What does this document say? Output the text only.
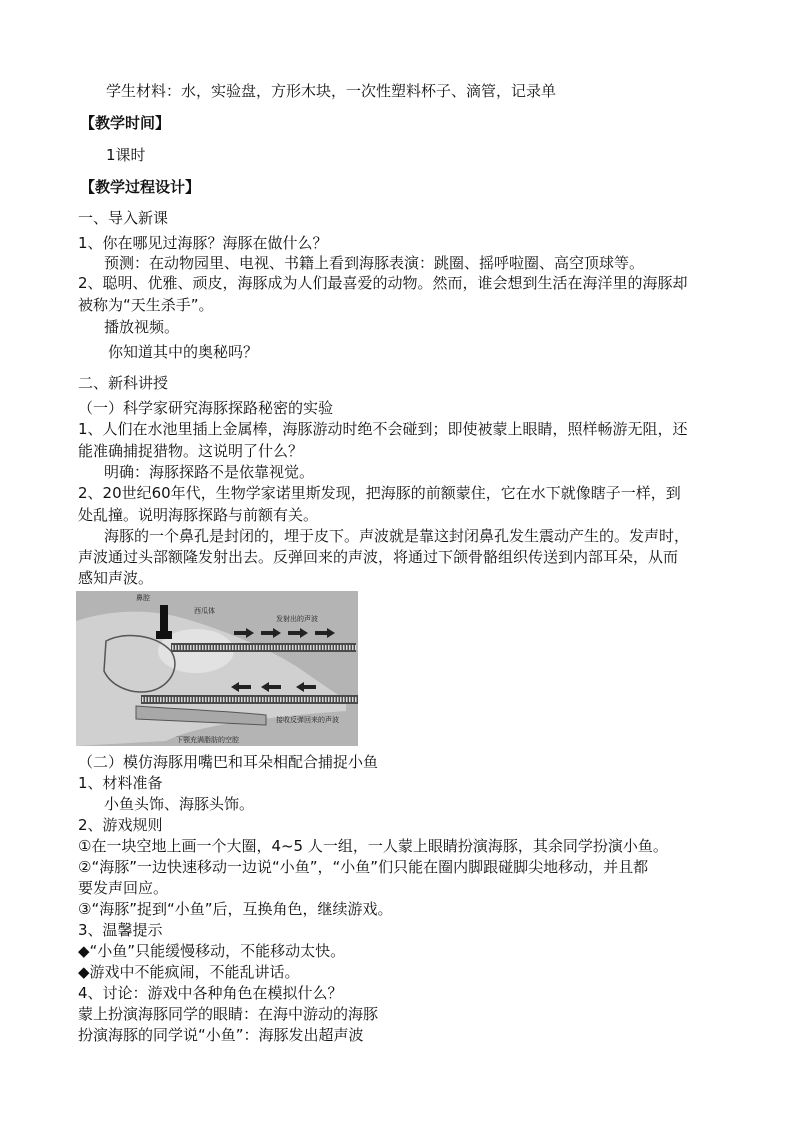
学生材料：水，实验盘，方形木块，一次性塑料杯子、滴管，记录单
【教学时间】
1课时
【教学过程设计】
一、导入新课
1、你在哪见过海豚？海豚在做什么？
预测：在动物园里、电视、书籍上看到海豚表演：跳圈、摇呼啦圈、高空顶球等。
2、聪明、优雅、顽皮，海豚成为人们最喜爱的动物。然而，谁会想到生活在海洋里的海豚却
被称为“天生杀手”。
播放视频。
你知道其中的奥秘吗？
二、新科讲授
（一）科学家研究海豚探路秘密的实验
1、人们在水池里插上金属棒，海豚游动时绝不会碰到；即使被蒙上眼睛，照样畅游无阻，还
能准确捕捉猎物。这说明了什么？
明确：海豚探路不是依靠视觉。
2、20世纪60年代，生物学家诺里斯发现，把海豚的前额蒙住，它在水下就像瞎子一样，到
处乱撞。说明海豚探路与前额有关。
海豚的一个鼻孔是封闭的，埋于皮下。声波就是靠这封闭鼻孔发生震动产生的。发声时，
声波通过头部额隆发射出去。反弹回来的声波，将通过下颌骨骼组织传送到内部耳朵，从而
感知声波。
鼻腔
西瓜体
发射出的声波
接收反弹回来的声波
下颚充满脂肪的空腔
（二）模仿海豚用嘴巴和耳朵相配合捕捉小鱼
1、材料准备
小鱼头饰、海豚头饰。
2、游戏规则
①在一块空地上画一个大圈，4~5 人一组，一人蒙上眼睛扮演海豚，其余同学扮演小鱼。
②“海豚”一边快速移动一边说“小鱼”，“小鱼”们只能在圈内脚跟碰脚尖地移动，并且都
要发声回应。
③“海豚”捉到“小鱼”后，互换角色，继续游戏。
3、温馨提示
◆“小鱼”只能缓慢移动，不能移动太快。
◆游戏中不能疯闹，不能乱讲话。
4、讨论：游戏中各种角色在模拟什么？
蒙上扮演海豚同学的眼睛：在海中游动的海豚
扮演海豚的同学说“小鱼”：海豚发出超声波
